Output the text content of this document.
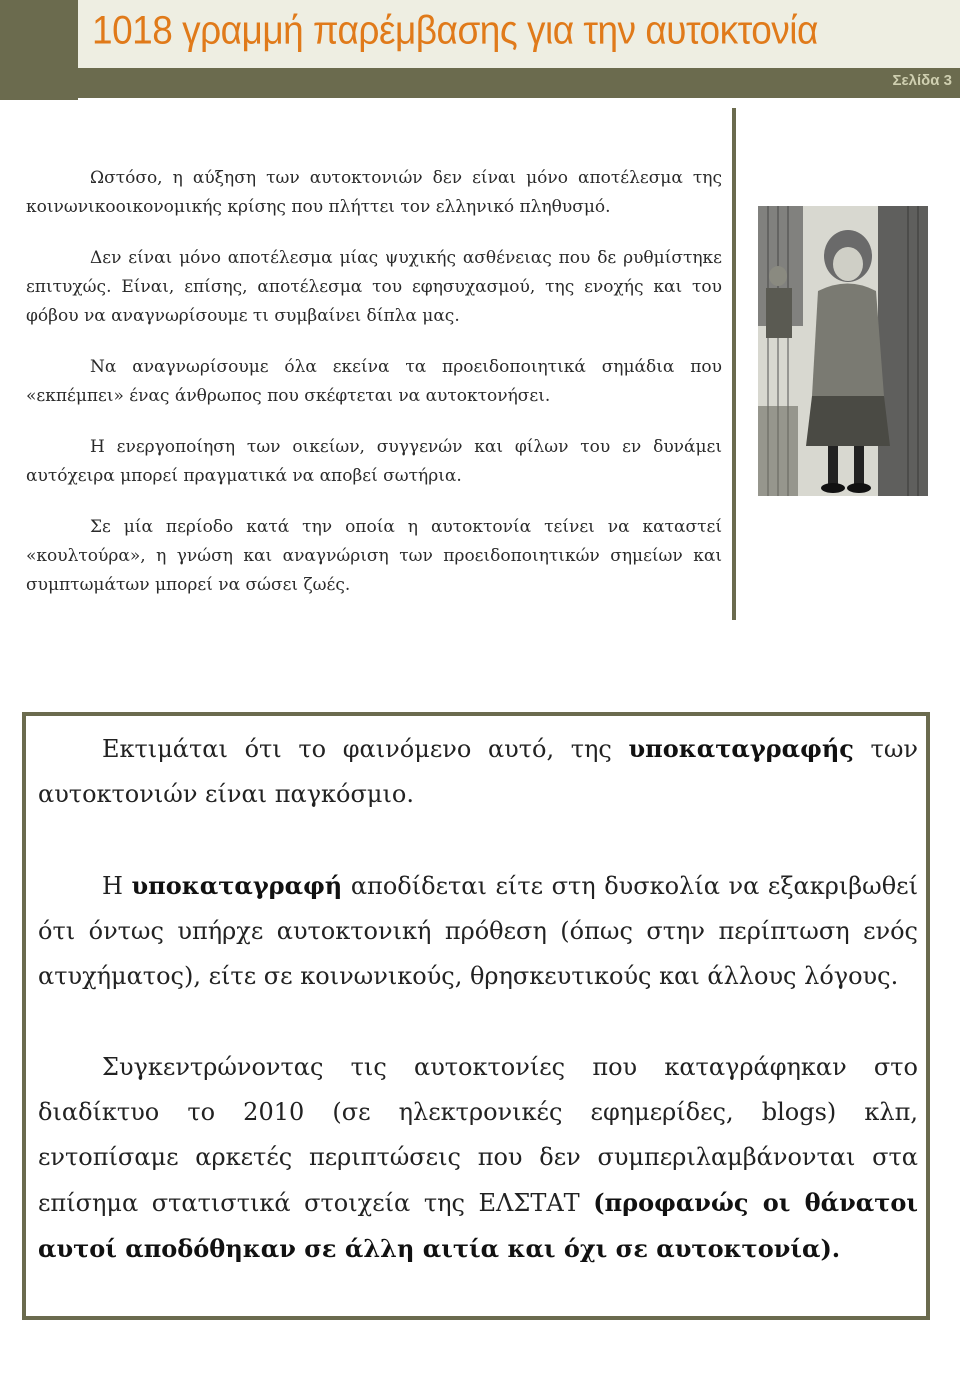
1018 γραμμή παρέμβασης για την αυτοκτονία
Σελίδα 3

Ωστόσο, η αύξηση των αυτοκτονιών δεν είναι μόνο αποτέλεσμα της κοινωνικοοικονομικής κρίσης που πλήττει τον ελληνικό πληθυσμό.

Δεν είναι μόνο αποτέλεσμα μίας ψυχικής ασθένειας που δε ρυθμίστηκε επιτυχώς. Είναι, επίσης, αποτέλεσμα του εφησυχασμού, της ενοχής και του φόβου να αναγνωρίσουμε τι συμβαίνει δίπλα μας.

Να αναγνωρίσουμε όλα εκείνα τα προειδοποιητικά σημάδια που «εκπέμπει» ένας άνθρωπος που σκέφτεται να αυτοκτονήσει.

Η ενεργοποίηση των οικείων, συγγενών και φίλων του εν δυνάμει αυτόχειρα μπορεί πραγματικά να αποβεί σωτήρια.

Σε μία περίοδο κατά την οποία η αυτοκτονία τείνει να καταστεί «κουλτούρα», η γνώση και αναγνώριση των προειδοποιητικών σημείων και συμπτωμάτων μπορεί να σώσει ζωές.

Εκτιμάται ότι το φαινόμενο αυτό, της υποκαταγραφής των αυτοκτονιών είναι παγκόσμιο.

Η υποκαταγραφή αποδίδεται είτε στη δυσκολία να εξακριβωθεί ότι όντως υπήρχε αυτοκτονική πρόθεση (όπως στην περίπτωση ενός ατυχήματος), είτε σε κοινωνικούς, θρησκευτικούς και άλλους λόγους.

Συγκεντρώνοντας τις αυτοκτονίες που καταγράφηκαν στο διαδίκτυο το 2010 (σε ηλεκτρονικές εφημερίδες, blogs) κλπ, εντοπίσαμε αρκετές περιπτώσεις που δεν συμπεριλαμβάνονται στα επίσημα στατιστικά στοιχεία της ΕΛΣΤΑΤ (προφανώς οι θάνατοι αυτοί αποδόθηκαν σε άλλη αιτία και όχι σε αυτοκτονία).
